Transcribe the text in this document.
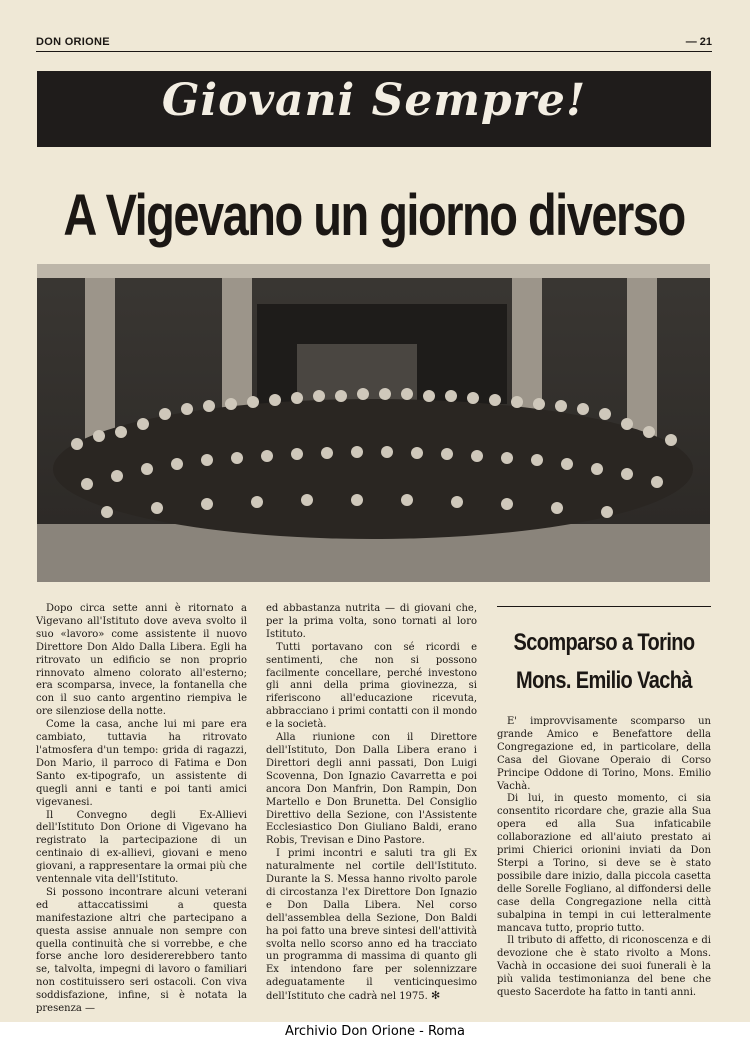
DON ORIONE	— 21
Giovani Sempre!
A Vigevano un giorno diverso

Dopo circa sette anni è ritornato a Vigevano all'Istituto dove aveva svolto il suo «lavoro» come assistente il nuovo Direttore Don Aldo Dalla Libera. Egli ha ritrovato un edificio se non proprio rinnovato almeno colorato all'esterno; era scomparsa, invece, la fontanella che con il suo canto argentino riempiva le ore silenziose della notte.

Come la casa, anche lui mi pare era cambiato, tuttavia ha ritrovato l'atmosfera d'un tempo: grida di ragazzi, Don Mario, il parroco di Fatima e Don Santo ex-tipografo, un assistente di quegli anni e tanti e poi tanti amici vigevanesi.

Il Convegno degli Ex-Allievi dell'Istituto Don Orione di Vigevano ha registrato la partecipazione di un centinaio di ex-allievi, giovani e meno giovani, a rappresentare la ormai più che ventennale vita dell'Istituto.

Si possono incontrare alcuni veterani ed attaccatissimi a questa manifestazione altri che partecipano a questa assise annuale non sempre con quella continuità che si vorrebbe, e che forse anche loro desidererebbero tanto se, talvolta, impegni di lavoro o familiari non costituissero seri ostacoli. Con viva soddisfazione, infine, si è notata la presenza —

ed abbastanza nutrita — di giovani che, per la prima volta, sono tornati al loro Istituto.

Tutti portavano con sé ricordi e sentimenti, che non si possono facilmente concellare, perché investono gli anni della prima giovinezza, si riferiscono all'educazione ricevuta, abbracciano i primi contatti con il mondo e la società.

Alla riunione con il Direttore dell'Istituto, Don Dalla Libera erano i Direttori degli anni passati, Don Luigi Scovenna, Don Ignazio Cavarretta e poi ancora Don Manfrin, Don Rampin, Don Martello e Don Brunetta. Del Consiglio Direttivo della Sezione, con l'Assistente Ecclesiastico Don Giuliano Baldi, erano Robis, Trevisan e Dino Pastore.

I primi incontri e saluti tra gli Ex naturalmente nel cortile dell'Istituto. Durante la S. Messa hanno rivolto parole di circostanza l'ex Direttore Don Ignazio e Don Dalla Libera. Nel corso dell'assemblea della Sezione, Don Baldi ha poi fatto una breve sintesi dell'attività svolta nello scorso anno ed ha tracciato un programma di massima di quanto gli Ex intendono fare per solennizzare adeguatamente il venticinquesimo dell'Istituto che cadrà nel 1975. ✻

Scomparso a Torino
Mons. Emilio Vachà

E' improvvisamente scomparso un grande Amico e Benefattore della Congregazione ed, in particolare, della Casa del Giovane Operaio di Corso Principe Oddone di Torino, Mons. Emilio Vachà.

Di lui, in questo momento, ci sia consentito ricordare che, grazie alla Sua opera ed alla Sua infaticabile collaborazione ed all'aiuto prestato ai primi Chierici orionini inviati da Don Sterpi a Torino, si deve se è stato possibile dare inizio, dalla piccola casetta delle Sorelle Fogliano, al diffondersi delle case della Congregazione nella città subalpina in tempi in cui letteralmente mancava tutto, proprio tutto.

Il tributo di affetto, di riconoscenza e di devozione che è stato rivolto a Mons. Vachà in occasione dei suoi funerali è la più valida testimonianza del bene che questo Sacerdote ha fatto in tanti anni.

Archivio Don Orione - Roma
